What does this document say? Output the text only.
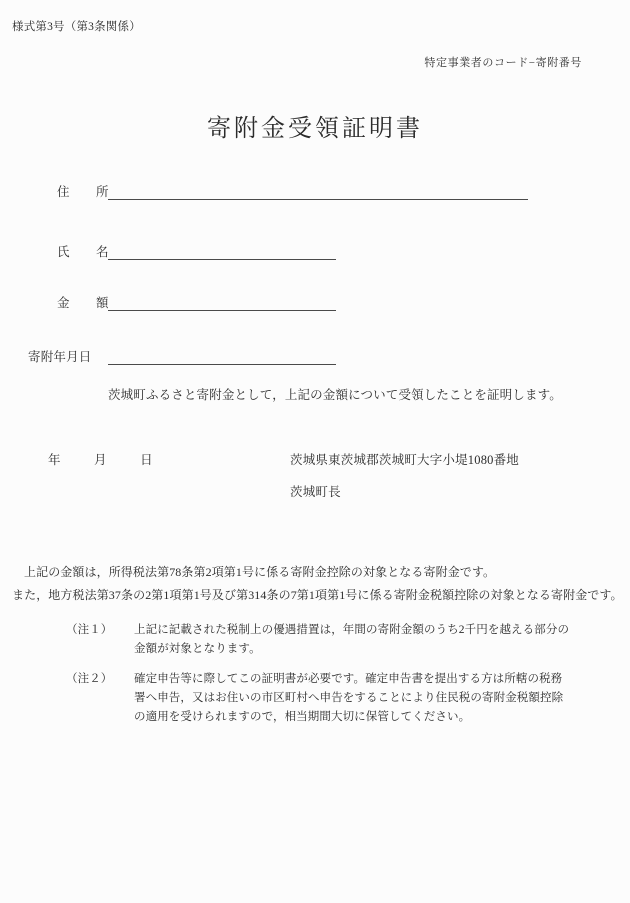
様式第3号（第3条関係）
特定事業者のコード−寄附番号
寄附金受領証明書
住　所
氏　名
金　額
寄附年月日
茨城町ふるさと寄附金として，上記の金額について受領したことを証明します。
年	月	日	茨城県東茨城郡茨城町大字小堤1080番地
茨城町長
上記の金額は，所得税法第78条第2項第1号に係る寄附金控除の対象となる寄附金です。
また，地方税法第37条の2第1項第1号及び第314条の7第1項第1号に係る寄附金税額控除の対象となる寄附金です。
（注１）	上記に記載された税制上の優遇措置は，年間の寄附金額のうち2千円を越える部分の
金額が対象となります。
（注２）	確定申告等に際してこの証明書が必要です。確定申告書を提出する方は所轄の税務
署へ申告，又はお住いの市区町村へ申告をすることにより住民税の寄附金税額控除
の適用を受けられますので，相当期間大切に保管してください。
